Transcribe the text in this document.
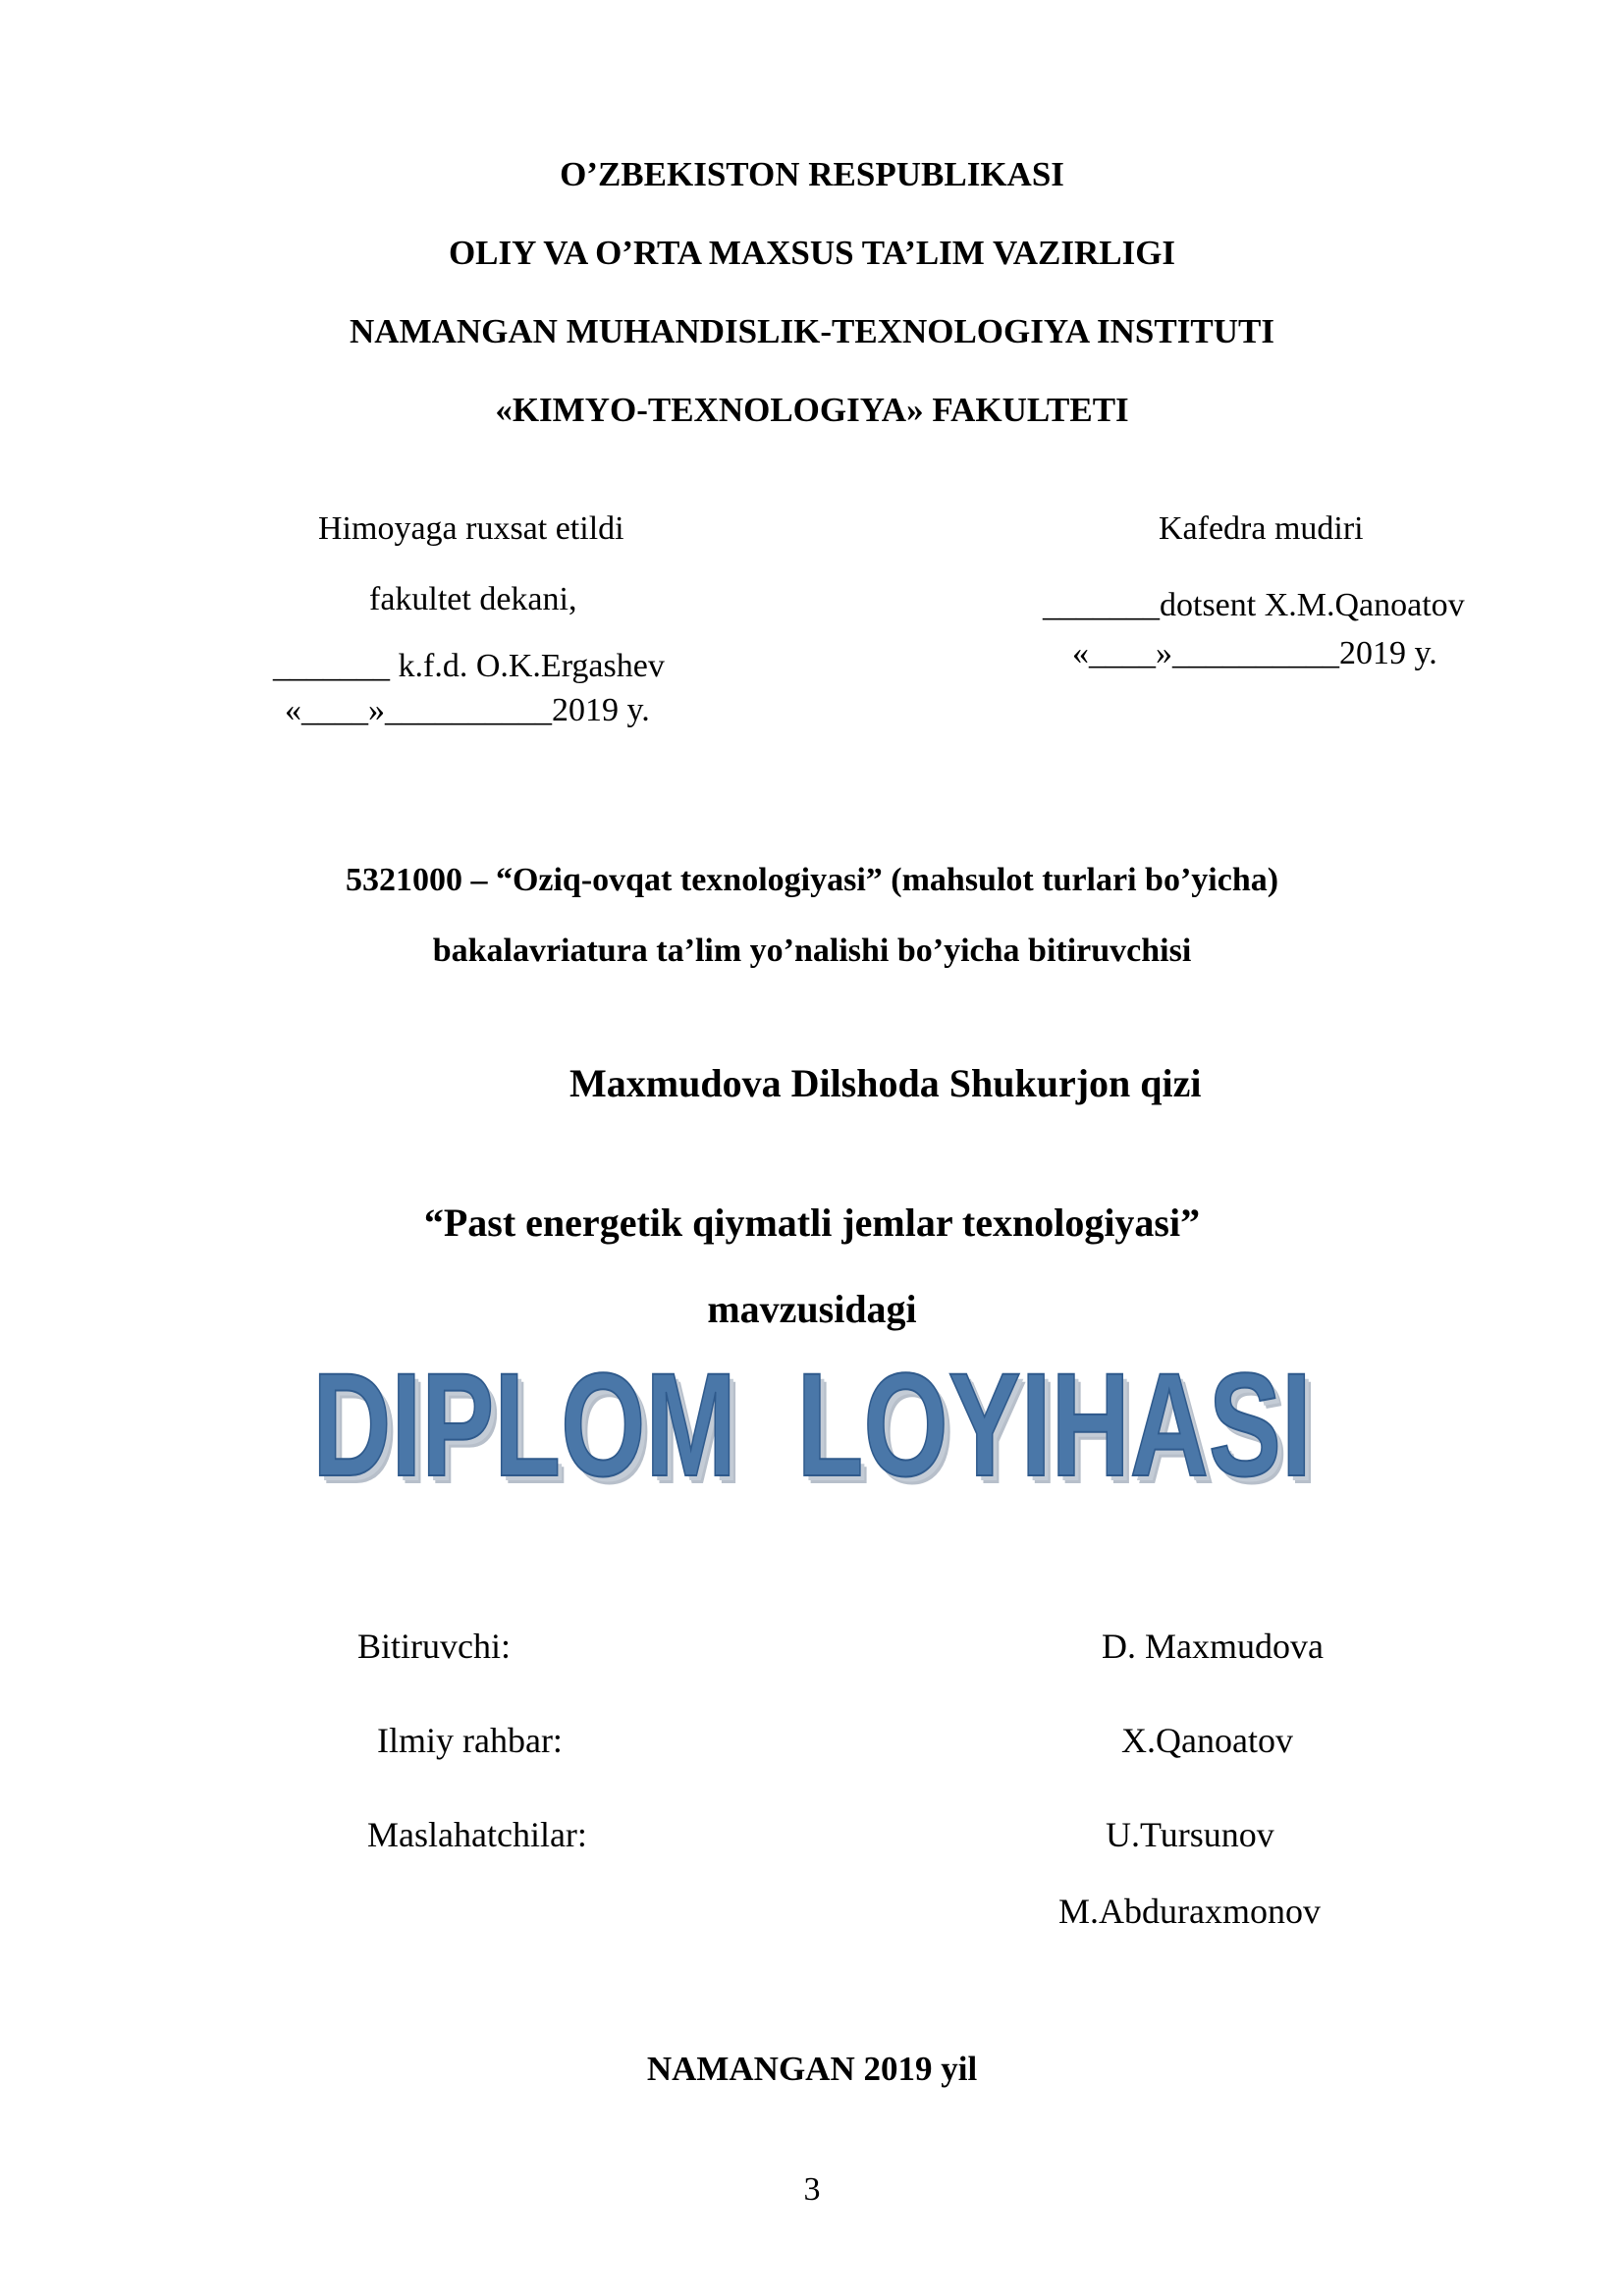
O’ZBEKISTON RESPUBLIKASI
OLIY VA O’RTA MAXSUS TA’LIM VAZIRLIGI
NAMANGAN MUHANDISLIK-TEXNOLOGIYA INSTITUTI
«KIMYO-TEXNOLOGIYA» FAKULTETI
Himoyaga ruxsat etildi
fakultet dekani,
_______ k.f.d. O.K.Ergashev
«____»__________2019 y.
Kafedra mudiri
_______dotsent X.M.Qanoatov
«____»__________2019 y.
5321000 – “Oziq-ovqat texnologiyasi” (mahsulot turlari bo’yicha)
bakalavriatura ta’lim yo’nalishi bo’yicha bitiruvchisi
Maxmudova Dilshoda Shukurjon qizi
“Past energetik qiymatli jemlar texnologiyasi”
mavzusidagi
DIPLOM  LOYIHASI
Bitiruvchi:	D. Maxmudova
Ilmiy rahbar:	X.Qanoatov
Maslahatchilar:	U.Tursunov
M.Abduraxmonov
NAMANGAN 2019 yil
3
